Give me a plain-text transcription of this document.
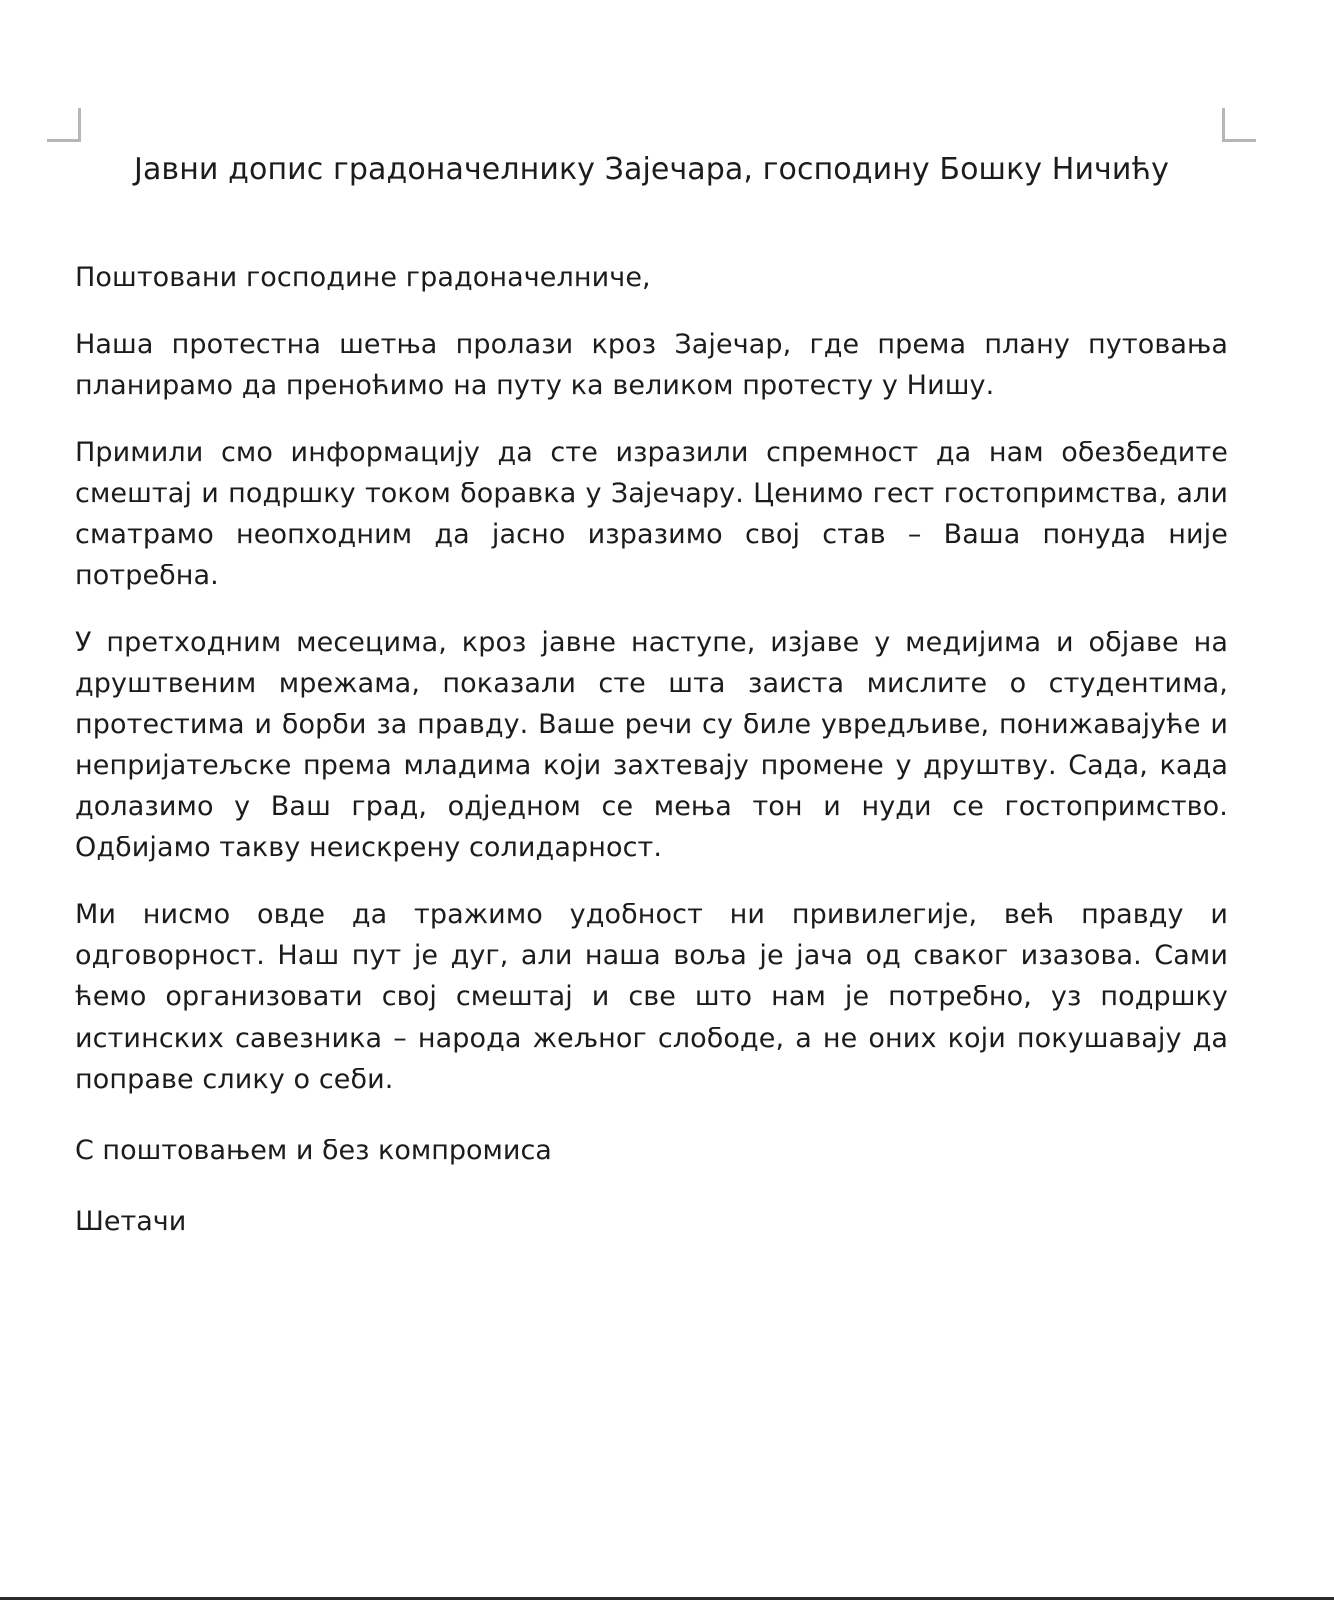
Јавни допис градоначелнику Зајечара, господину Бошку Ничићу

Поштовани господине градоначелниче,

Наша протестна шетња пролази кроз Зајечар, где према плану путовања планирамо да преноћимо на путу ка великом протесту у Нишу.

Примили смо информацију да сте изразили спремност да нам обезбедите смештај и подршку током боравка у Зајечару. Ценимо гест гостопримства, али сматрамо неопходним да јасно изразимо свој став – Ваша понуда није потребна.

У претходним месецима, кроз јавне наступе, изјаве у медијима и објаве на друштвеним мрежама, показали сте шта заиста мислите о студентима, протестима и борби за правду. Ваше речи су биле увредљиве, понижавајуће и непријатељске према младима који захтевају промене у друштву. Сада, када долазимо у Ваш град, одједном се мења тон и нуди се гостопримство. Одбијамо такву неискрену солидарност.

Ми нисмо овде да тражимо удобност ни привилегије, већ правду и одговорност. Наш пут је дуг, али наша воља је јача од сваког изазова. Сами ћемо организовати свој смештај и све што нам је потребно, уз подршку истинских савезника – народа жељног слободе, а не оних који покушавају да поправе слику о себи.

С поштовањем и без компромиса

Шетачи
